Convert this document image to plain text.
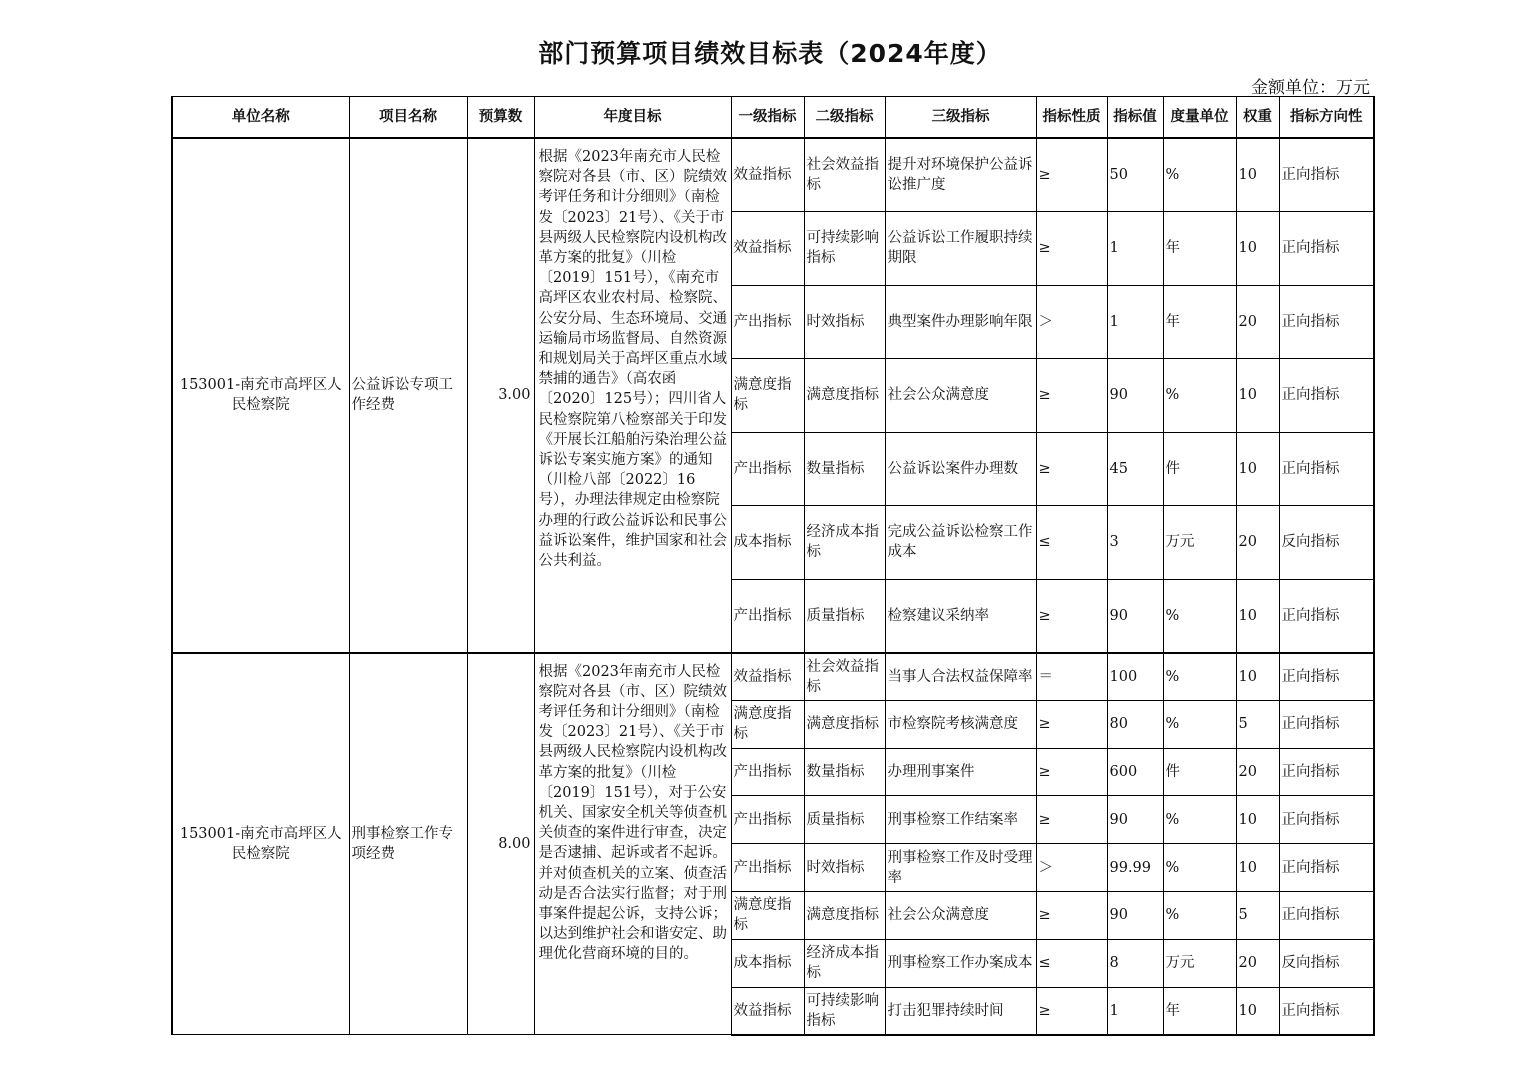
部门预算项目绩效目标表（2024年度）
金额单位：万元
单位名称	项目名称	预算数	年度目标	一级指标	二级指标	三级指标	指标性质	指标值	度量单位	权重	指标方向性
153001-南充市高坪区人民检察院	公益诉讼专项工作经费	3.00	根据《2023年南充市人民检察院对各县（市、区）院绩效考评任务和计分细则》（南检发〔2023〕21号）、《关于市县两级人民检察院内设机构改革方案的批复》（川检〔2019〕151号），《南充市高坪区农业农村局、检察院、公安分局、生态环境局、交通运输局市场监督局、自然资源和规划局关于高坪区重点水域禁捕的通告》（高农函〔2020〕125号）；四川省人民检察院第八检察部关于印发《开展长江船舶污染治理公益诉讼专案实施方案》的通知（川检八部〔2022〕16号），办理法律规定由检察院办理的行政公益诉讼和民事公益诉讼案件，维护国家和社会公共利益。	效益指标	社会效益指标	提升对环境保护公益诉讼推广度	≥	50	%	10	正向指标
				效益指标	可持续影响指标	公益诉讼工作履职持续期限	≥	1	年	10	正向指标
				产出指标	时效指标	典型案件办理影响年限	＞	1	年	20	正向指标
				满意度指标	满意度指标	社会公众满意度	≥	90	%	10	正向指标
				产出指标	数量指标	公益诉讼案件办理数	≥	45	件	10	正向指标
				成本指标	经济成本指标	完成公益诉讼检察工作成本	≤	3	万元	20	反向指标
				产出指标	质量指标	检察建议采纳率	≥	90	%	10	正向指标
153001-南充市高坪区人民检察院	刑事检察工作专项经费	8.00	根据《2023年南充市人民检察院对各县（市、区）院绩效考评任务和计分细则》（南检发〔2023〕21号）、《关于市县两级人民检察院内设机构改革方案的批复》（川检〔2019〕151号），对于公安机关、国家安全机关等侦查机关侦查的案件进行审查，决定是否逮捕、起诉或者不起诉。并对侦查机关的立案、侦查活动是否合法实行监督；对于刑事案件提起公诉，支持公诉；以达到维护社会和谐安定、助理优化营商环境的目的。	效益指标	社会效益指标	当事人合法权益保障率	＝	100	%	10	正向指标
				满意度指标	满意度指标	市检察院考核满意度	≥	80	%	5	正向指标
				产出指标	数量指标	办理刑事案件	≥	600	件	20	正向指标
				产出指标	质量指标	刑事检察工作结案率	≥	90	%	10	正向指标
				产出指标	时效指标	刑事检察工作及时受理率	＞	99.99	%	10	正向指标
				满意度指标	满意度指标	社会公众满意度	≥	90	%	5	正向指标
				成本指标	经济成本指标	刑事检察工作办案成本	≤	8	万元	20	反向指标
				效益指标	可持续影响指标	打击犯罪持续时间	≥	1	年	10	正向指标
